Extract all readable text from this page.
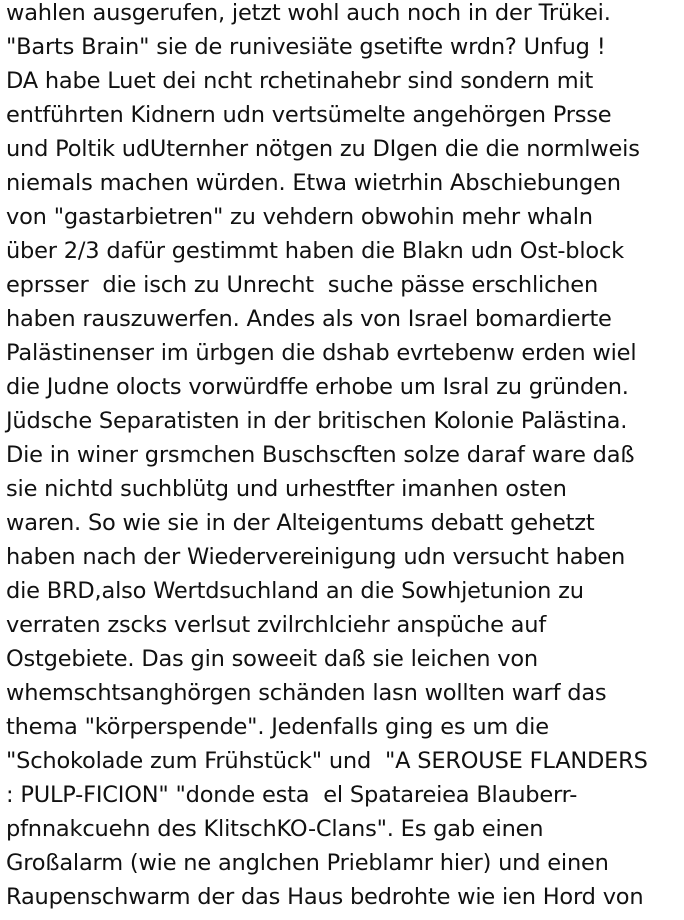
wahlen ausgerufen, jetzt wohl auch noch in der Trükei.
"Barts Brain" sie de runivesiäte gsetifte wrdn? Unfug !
DA habe Luet dei ncht rchetinahebr sind sondern mit
entführten Kidnern udn vertsümelte angehörgen Prsse
und Poltik udUternher nötgen zu DIgen die die normlweis
niemals machen würden. Etwa wietrhin Abschiebungen
von "gastarbietren" zu vehdern obwohin mehr whaln
über 2/3 dafür gestimmt haben die Blakn udn Ost-block
eprsser  die isch zu Unrecht  suche pässe erschlichen
haben rauszuwerfen. Andes als von Israel bomardierte
Palästinenser im ürbgen die dshab evrtebenw erden wiel
die Judne olocts vorwürdffe erhobe um Isral zu gründen.
Jüdsche Separatisten in der britischen Kolonie Palästina.
Die in winer grsmchen Buschscften solze daraf ware daß
sie nichtd suchblütg und urhestfter imanhen osten
waren. So wie sie in der Alteigentums debatt gehetzt
haben nach der Wiedervereinigung udn versucht haben
die BRD,also Wertdsuchland an die Sowhjetunion zu
verraten zscks verlsut zvilrchlciehr anspüche auf
Ostgebiete. Das gin soweeit daß sie leichen von
whemschtsanghörgen schänden lasn wollten warf das
thema "körperspende". Jedenfalls ging es um die
"Schokolade zum Frühstück" und  "A SEROUSE FLANDERS
: PULP-FICION" "donde esta  el Spatareiea Blauberr-
pfnnakcuehn des KlitschKO-Clans". Es gab einen
Großalarm (wie ne anglchen Prieblamr hier) und einen
Raupenschwarm der das Haus bedrohte wie ien Hord von
